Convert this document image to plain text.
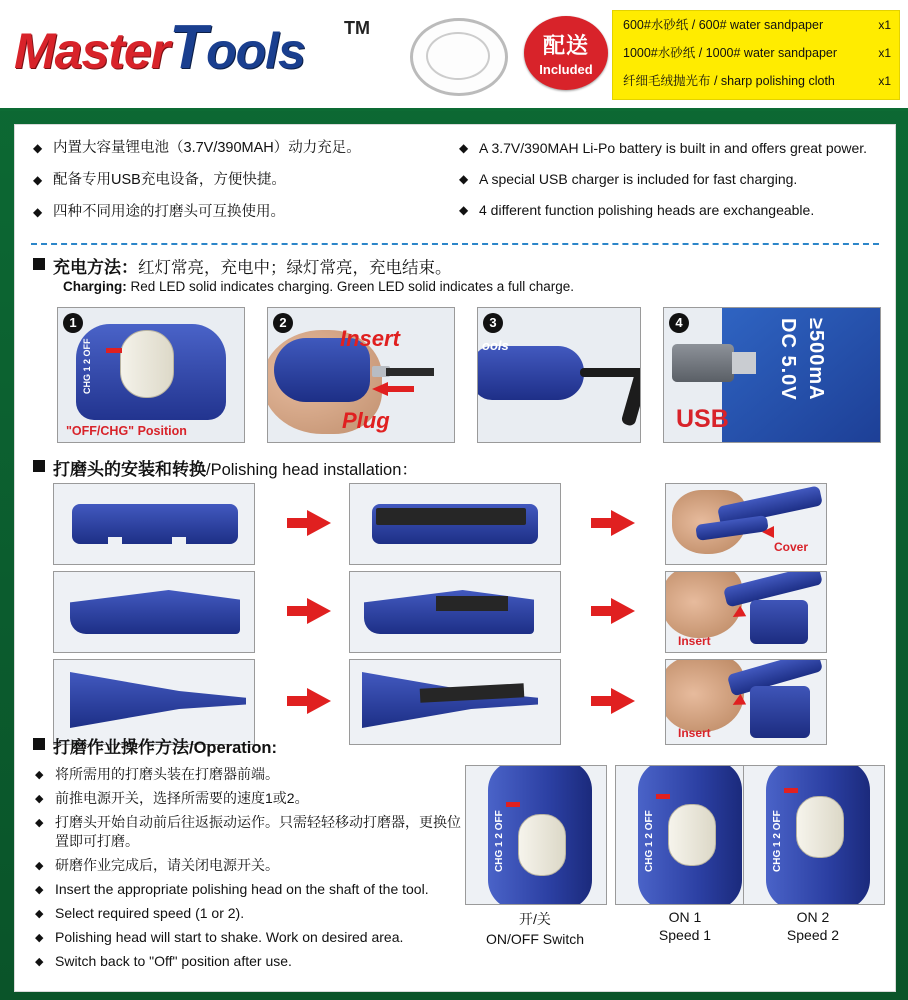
MasterTools TM
配送
Included
600#水砂纸 / 600# water sandpaper	x1
1000#水砂纸 / 1000# water sandpaper	x1
纤细毛绒抛光布 / sharp polishing cloth	x1
◆ 内置大容量锂电池（3.7V/390MAH）动力充足。
◆ 配备专用USB充电设备，方便快捷。
◆ 四种不同用途的打磨头可互换使用。
◆ A 3.7V/390MAH Li-Po battery is built in and offers great power.
◆ A special USB charger is included for fast charging.
◆ 4 different function polishing heads are exchangeable.
充电方法：红灯常亮，充电中；绿灯常亮，充电结束。
Charging: Red LED solid indicates charging. Green LED solid indicates a full charge.
CHG 1 2 OFF
1
"OFF/CHG" Position
Insert
Plug
2
ools
3	DC 5.0V ≥500mA
USB
4
打磨头的安装和转换/Polishing head installation：
Cover
Insert
Insert
打磨作业操作方法/Operation:
◆ 将所需用的打磨头装在打磨器前端。
◆ 前推电源开关，选择所需要的速度1或2。
◆ 打磨头开始自动前后往返振动运作。只需轻轻移动打磨器，更换位置即可打磨。
◆ 研磨作业完成后，请关闭电源开关。
◆ Insert the appropriate polishing head on the shaft of the tool.
◆ Select required speed (1 or 2).
◆ Polishing head will start to shake. Work on desired area.
◆ Switch back to "Off" position after use.
CHG 1 2 OFF
开/关
ON/OFF Switch
CHG 1 2 OFF
ON 1
Speed 1
CHG 1 2 OFF
ON 2
Speed 2
